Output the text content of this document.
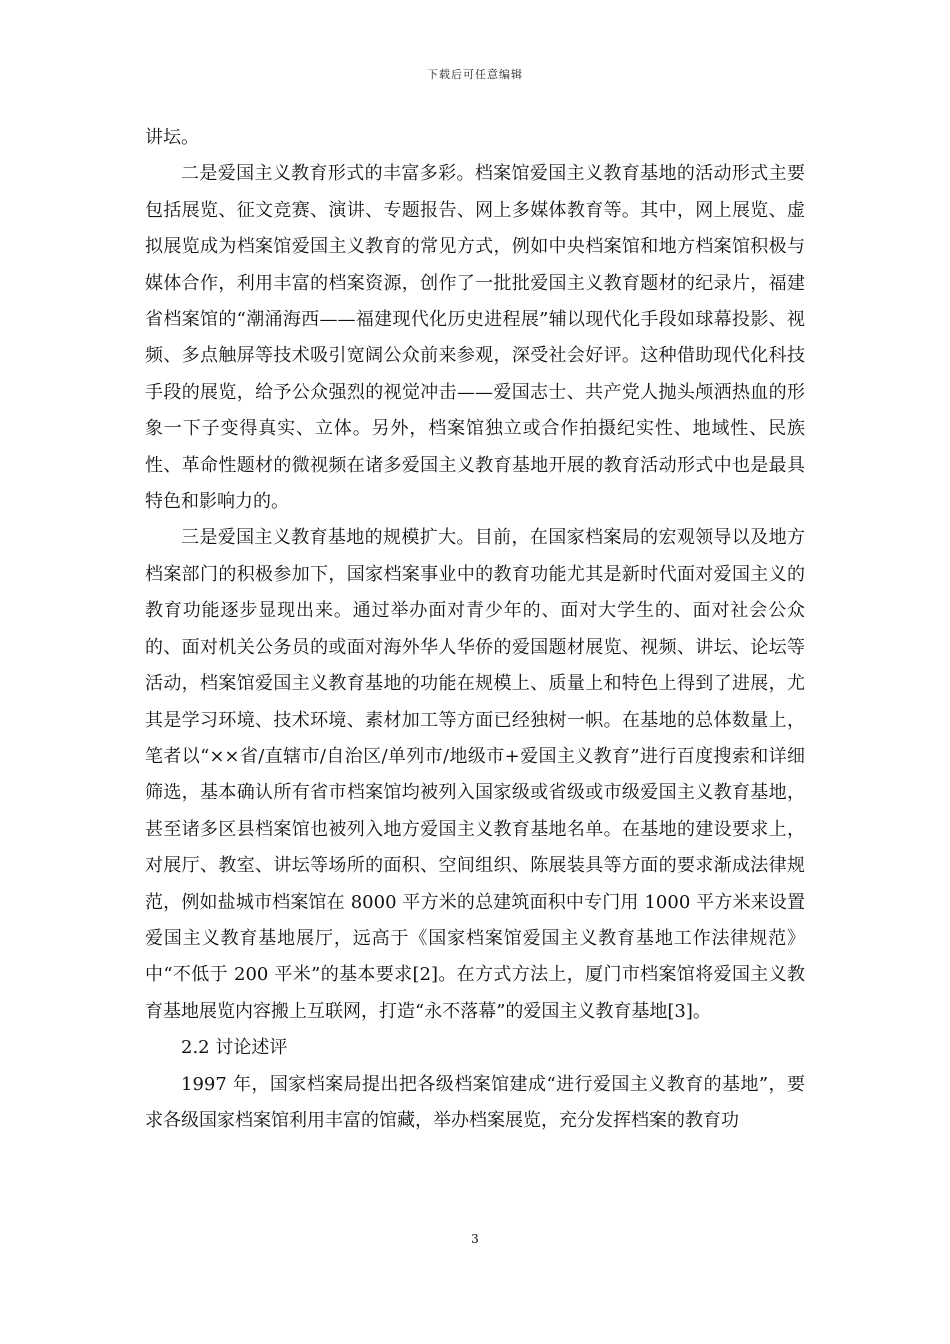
下载后可任意编辑

讲坛。

二是爱国主义教育形式的丰富多彩。档案馆爱国主义教育基地的活动形式主要包括展览、征文竞赛、演讲、专题报告、网上多媒体教育等。其中，网上展览、虚拟展览成为档案馆爱国主义教育的常见方式，例如中央档案馆和地方档案馆积极与媒体合作，利用丰富的档案资源，创作了一批批爱国主义教育题材的纪录片，福建省档案馆的“潮涌海西——福建现代化历史进程展”辅以现代化手段如球幕投影、视频、多点触屏等技术吸引宽阔公众前来参观，深受社会好评。这种借助现代化科技手段的展览，给予公众强烈的视觉冲击——爱国志士、共产党人抛头颅洒热血的形象一下子变得真实、立体。另外，档案馆独立或合作拍摄纪实性、地域性、民族性、革命性题材的微视频在诸多爱国主义教育基地开展的教育活动形式中也是最具特色和影响力的。

三是爱国主义教育基地的规模扩大。目前，在国家档案局的宏观领导以及地方档案部门的积极参加下，国家档案事业中的教育功能尤其是新时代面对爱国主义的教育功能逐步显现出来。通过举办面对青少年的、面对大学生的、面对社会公众的、面对机关公务员的或面对海外华人华侨的爱国题材展览、视频、讲坛、论坛等活动，档案馆爱国主义教育基地的功能在规模上、质量上和特色上得到了进展，尤其是学习环境、技术环境、素材加工等方面已经独树一帜。在基地的总体数量上，笔者以“××省/直辖市/自治区/单列市/地级市+爱国主义教育”进行百度搜索和详细筛选，基本确认所有省市档案馆均被列入国家级或省级或市级爱国主义教育基地，甚至诸多区县档案馆也被列入地方爱国主义教育基地名单。在基地的建设要求上，对展厅、教室、讲坛等场所的面积、空间组织、陈展装具等方面的要求渐成法律规范，例如盐城市档案馆在 8000 平方米的总建筑面积中专门用 1000 平方米来设置爱国主义教育基地展厅，远高于《国家档案馆爱国主义教育基地工作法律规范》中“不低于 200 平米”的基本要求[2]。在方式方法上，厦门市档案馆将爱国主义教育基地展览内容搬上互联网，打造“永不落幕”的爱国主义教育基地[3]。

2.2 讨论述评

1997 年，国家档案局提出把各级档案馆建成“进行爱国主义教育的基地”，要求各级国家档案馆利用丰富的馆藏，举办档案展览，充分发挥档案的教育功

3
